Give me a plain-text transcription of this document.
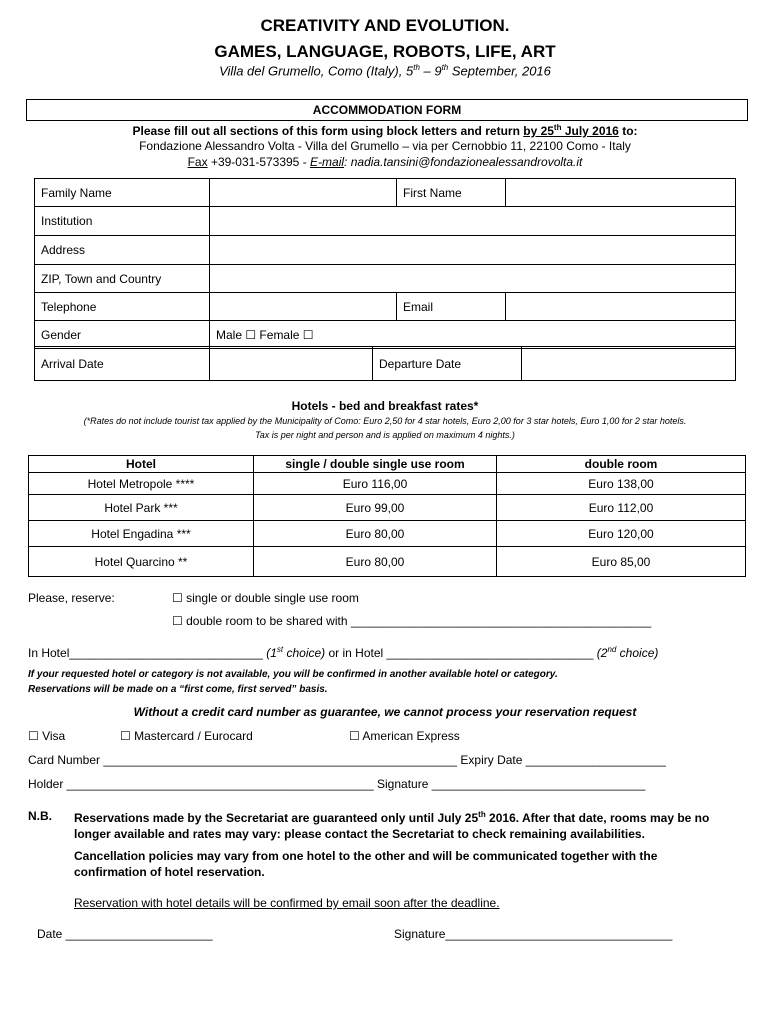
CREATIVITY AND EVOLUTION.
GAMES, LANGUAGE, ROBOTS, LIFE, ART
Villa del Grumello, Como (Italy), 5th – 9th September, 2016
ACCOMMODATION FORM
Please fill out all sections of this form using block letters and return by 25th July 2016 to:
Fondazione Alessandro Volta - Villa del Grumello – via per Cernobbio 11, 22100 Como - Italy
Fax +39-031-573395 - E-mail: nadia.tansini@fondazionealessandrovolta.it
Family Name		First Name	
Institution			
Address			
ZIP, Town and Country			
Telephone		Email	
Gender	Male ☐ Female ☐		
Arrival Date		Departure Date	
Hotels - bed and breakfast rates*
(*Rates do not include tourist tax applied by the Municipality of Como: Euro 2,50 for 4 star hotels, Euro 2,00 for 3 star hotels, Euro 1,00 for 2 star hotels.
Tax is per night and person and is applied on maximum 4 nights.)
Hotel	single / double single use room	double room
Hotel Metropole ****	Euro 116,00	Euro 138,00
Hotel Park ***	Euro 99,00	Euro 112,00
Hotel Engadina ***	Euro 80,00	Euro 120,00
Hotel Quarcino **	Euro 80,00	Euro 85,00
Please, reserve:	☐ single or double single use room
☐ double room to be shared with _____________________________________________
In Hotel_____________________________ (1st choice) or in Hotel _______________________________ (2nd choice)
If your requested hotel or category is not available, you will be confirmed in another available hotel or category.
Reservations will be made on a “first come, first served” basis.
Without a credit card number as guarantee, we cannot process your reservation request
☐ Visa	☐ Mastercard / Eurocard	☐ American Express
Card Number _____________________________________________________ Expiry Date _____________________
Holder ______________________________________________ Signature ________________________________
N.B. Reservations made by the Secretariat are guaranteed only until July 25th 2016. After that date, rooms may be no longer available and rates may vary: please contact the Secretariat to check remaining availabilities.
Cancellation policies may vary from one hotel to the other and will be communicated together with the confirmation of hotel reservation.
Reservation with hotel details will be confirmed by email soon after the deadline.
Date ______________________	Signature__________________________________
